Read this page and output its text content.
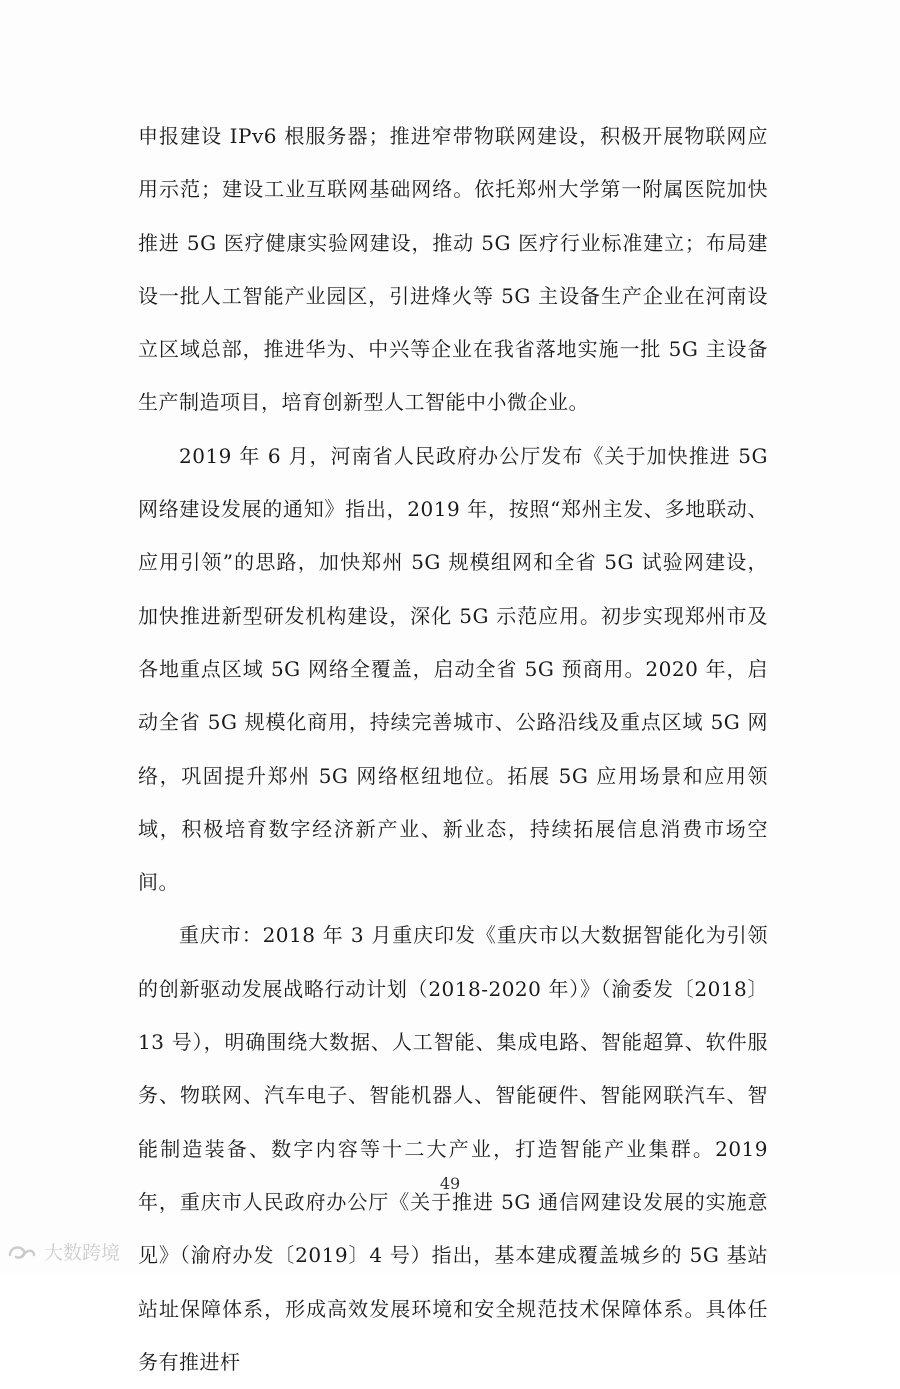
申报建设 IPv6 根服务器；推进窄带物联网建设，积极开展物联网应用示范；建设工业互联网基础网络。依托郑州大学第一附属医院加快推进 5G 医疗健康实验网建设，推动 5G 医疗行业标准建立；布局建设一批人工智能产业园区，引进烽火等 5G 主设备生产企业在河南设立区域总部，推进华为、中兴等企业在我省落地实施一批 5G 主设备生产制造项目，培育创新型人工智能中小微企业。

2019 年 6 月，河南省人民政府办公厅发布《关于加快推进 5G 网络建设发展的通知》指出，2019 年，按照“郑州主发、多地联动、应用引领”的思路，加快郑州 5G 规模组网和全省 5G 试验网建设，加快推进新型研发机构建设，深化 5G 示范应用。初步实现郑州市及各地重点区域 5G 网络全覆盖，启动全省 5G 预商用。2020 年，启动全省 5G 规模化商用，持续完善城市、公路沿线及重点区域 5G 网络，巩固提升郑州 5G 网络枢纽地位。拓展 5G 应用场景和应用领域，积极培育数字经济新产业、新业态，持续拓展信息消费市场空间。

重庆市：2018 年 3 月重庆印发《重庆市以大数据智能化为引领的创新驱动发展战略行动计划（2018-2020 年）》（渝委发〔2018〕13 号），明确围绕大数据、人工智能、集成电路、智能超算、软件服务、物联网、汽车电子、智能机器人、智能硬件、智能网联汽车、智能制造装备、数字内容等十二大产业，打造智能产业集群。2019 年，重庆市人民政府办公厅《关于推进 5G 通信网建设发展的实施意见》（渝府办发〔2019〕4 号）指出，基本建成覆盖城乡的 5G 基站站址保障体系，形成高效发展环境和安全规范技术保障体系。具体任务有推进杆

49
大数跨境
